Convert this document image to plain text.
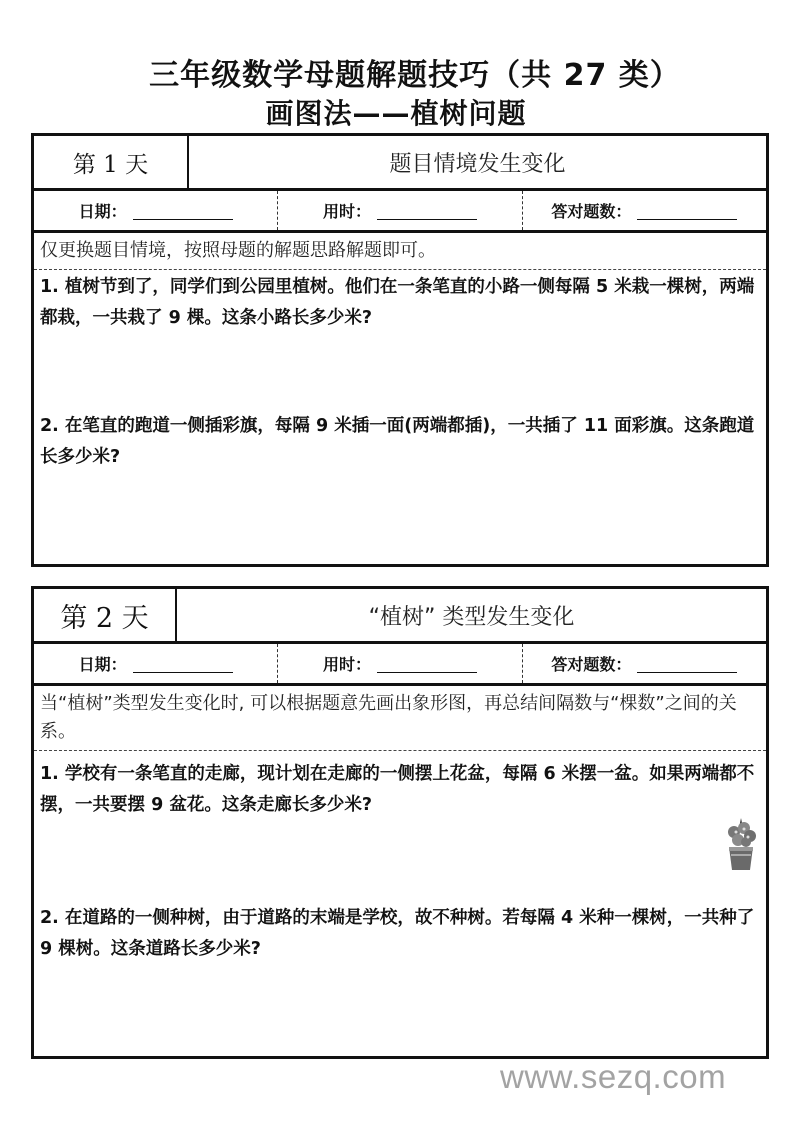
三年级数学母题解题技巧（共 27 类）
画图法——植树问题
第 1 天	题目情境发生变化
日期：	用时：	答对题数：
仅更换题目情境，按照母题的解题思路解题即可。
1. 植树节到了，同学们到公园里植树。他们在一条笔直的小路一侧每隔 5 米栽一棵树，两端都栽，一共栽了 9 棵。这条小路长多少米?
2. 在笔直的跑道一侧插彩旗，每隔 9 米插一面(两端都插)，一共插了 11 面彩旗。这条跑道长多少米?
第 2 天	“植树” 类型发生变化
日期：	用时：	答对题数：
当“植树”类型发生变化时, 可以根据题意先画出象形图，再总结间隔数与“棵数”之间的关系。
1. 学校有一条笔直的走廊，现计划在走廊的一侧摆上花盆，每隔 6 米摆一盆。如果两端都不摆，一共要摆 9 盆花。这条走廊长多少米?
2. 在道路的一侧种树，由于道路的末端是学校，故不种树。若每隔 4 米种一棵树，一共种了 9 棵树。这条道路长多少米?
www.sezq.com
